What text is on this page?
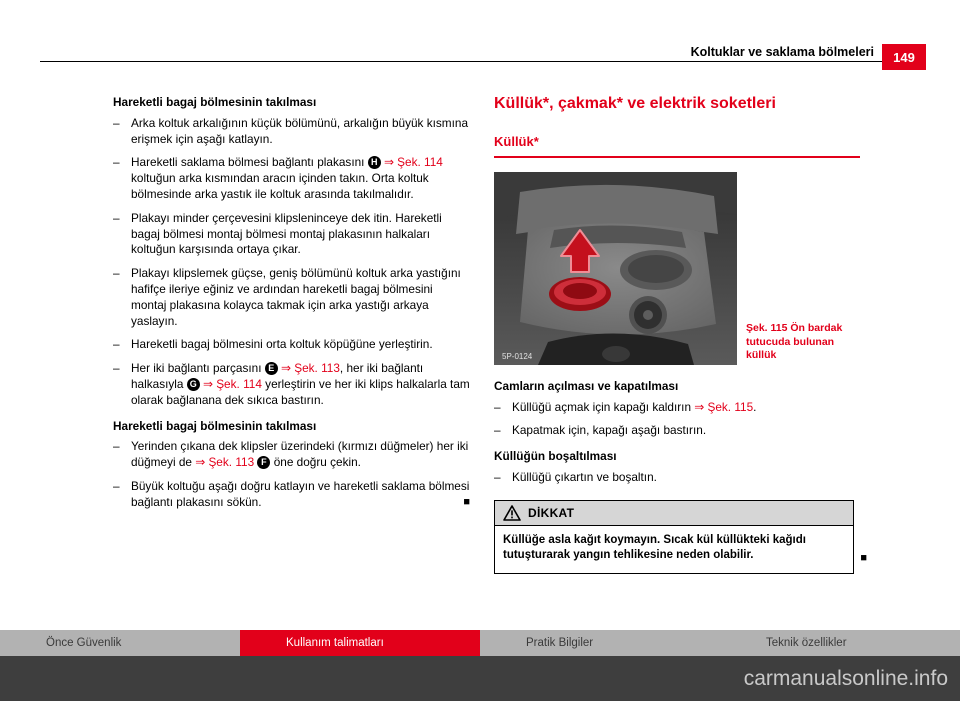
Koltuklar ve saklama bölmeleri	149

Hareketli bagaj bölmesinin takılması

– Arka koltuk arkalığının küçük bölümünü, arkalığın büyük kısmına erişmek için aşağı katlayın.
– Hareketli saklama bölmesi bağlantı plakasını H ⇒ Şek. 114 koltuğun arka kısmından aracın içinden takın. Orta koltuk bölmesinde arka yastık ile koltuk arasında takılmalıdır.
– Plakayı minder çerçevesini klipsleninceye dek itin. Hareketli bagaj bölmesi montaj bölmesi montaj plakasının halkaları koltuğun karşısında ortaya çıkar.
– Plakayı klipslemek güçse, geniş bölümünü koltuk arka yastığını hafifçe ileriye eğiniz ve ardından hareketli bagaj bölmesini montaj plakasına kolayca takmak için arka yastığı arkaya yaslayın.
– Hareketli bagaj bölmesini orta koltuk köpüğüne yerleştirin.
– Her iki bağlantı parçasını E ⇒ Şek. 113, her iki bağlantı halkasıyla G ⇒ Şek. 114 yerleştirin ve her iki klips halkalarla tam olarak bağlanana dek sıkıca bastırın.

Hareketli bagaj bölmesinin takılması

– Yerinden çıkana dek klipsler üzerindeki (kırmızı düğmeler) her iki düğmeyi de ⇒ Şek. 113 F öne doğru çekin.
– Büyük koltuğu aşağı doğru katlayın ve hareketli saklama bölmesi bağlantı plakasını sökün.	■
Küllük*, çakmak* ve elektrik soketleri
Küllük*
5P-0124
Şek. 115 Ön bardak tutucuda bulunan küllük

Camların açılması ve kapatılması

– Küllüğü açmak için kapağı kaldırın ⇒ Şek. 115.
– Kapatmak için, kapağı aşağı bastırın.

Küllüğün boşaltılması

– Küllüğü çıkartın ve boşaltın.
DİKKAT
Küllüğe asla kağıt koymayın. Sıcak kül küllükteki kağıdı tutuşturarak yangın tehlikesine neden olabilir.	■
Önce Güvenlik	Kullanım talimatları	Pratik Bilgiler	Teknik özellikler
carmanualsonline.info
